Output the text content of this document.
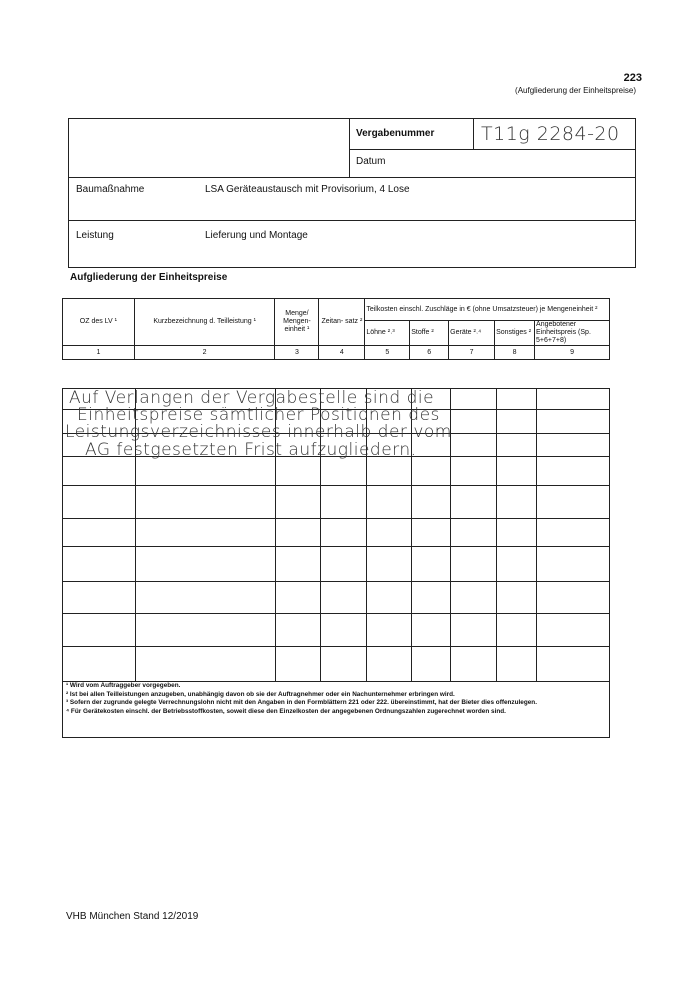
223
(Aufgliederung der Einheitspreise)
Vergabenummer T11g 2284-20
Datum
Baumaßnahme	LSA Geräteaustausch mit Provisorium, 4 Lose
Leistung	Lieferung und Montage
Aufgliederung der Einheitspreise
OZ des LV ¹	Kurzbezeichnung d. Teilleistung ¹	Menge/ Mengen- einheit ¹	Zeitan- satz ²	Teilkosten einschl. Zuschläge in € (ohne Umsatzsteuer) je Mengeneinheit ²				
				Löhne ²˒³	Stoffe ²	Geräte ²˒⁴	Sonstiges ²	Angebotener Einheitspreis (Sp. 5+6+7+8)

1	2	3	4	5	6	7	8	9
Auf Verlangen der Vergabestelle sind die
Einheitspreise sämtlicher Positionen des
Leistungsverzeichnisses innerhalb der vom
AG festgesetzten Frist aufzugliedern.
¹ Wird vom Auftraggeber vorgegeben.
² Ist bei allen Teilleistungen anzugeben, unabhängig davon ob sie der Auftragnehmer oder ein Nachunternehmer erbringen wird.
³ Sofern der zugrunde gelegte Verrechnungslohn nicht mit den Angaben in den Formblättern 221 oder 222. übereinstimmt, hat der Bieter dies offenzulegen.
⁴ Für Gerätekosten einschl. der Betriebsstoffkosten, soweit diese den Einzelkosten der angegebenen Ordnungszahlen zugerechnet worden sind.
VHB München Stand 12/2019
